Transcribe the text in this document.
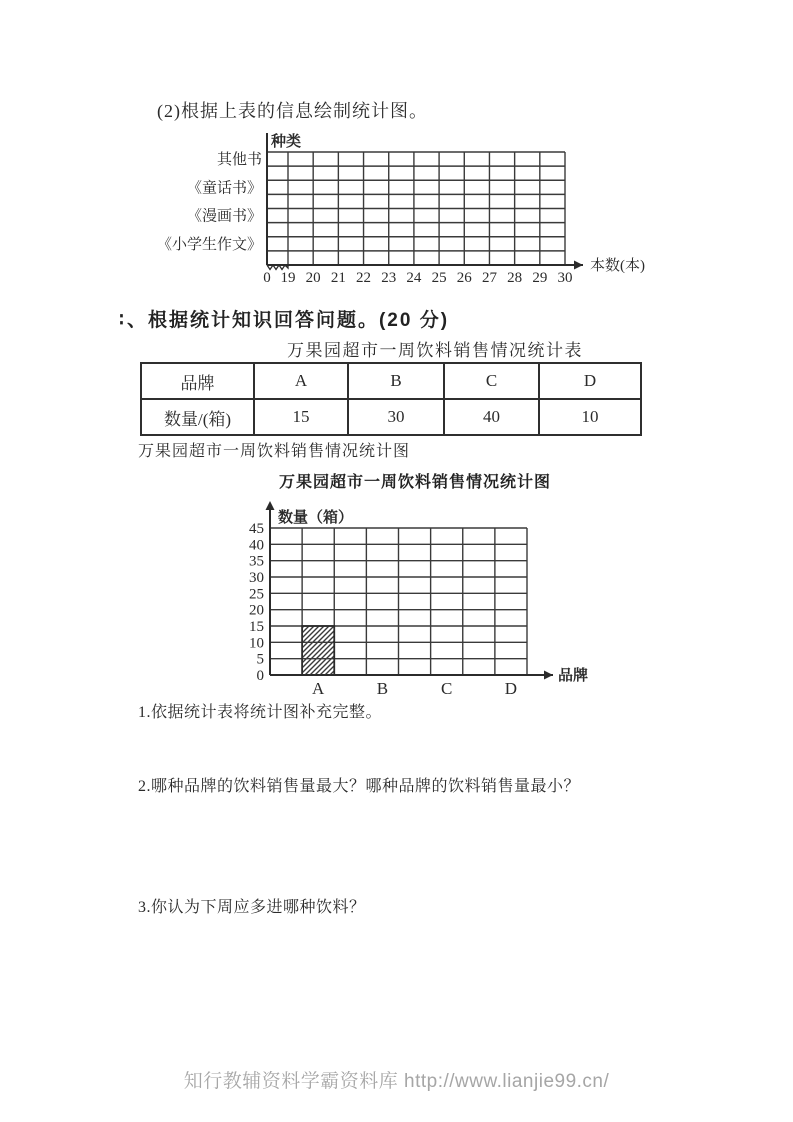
(2)根据上表的信息绘制统计图。
种类
本数(本)
其他书
《童话书》
《漫画书》
《小学生作文》
0 19 20 21 22 23 24 25 26 27 28 29 30
∶、根据统计知识回答问题。(20 分)
万果园超市一周饮料销售情况统计表
品牌	A	B	C	D
数量/(箱)	15	30	40	10
万果园超市一周饮料销售情况统计图
万果园超市一周饮料销售情况统计图
数量（箱）
品牌
45
40
35
30
25
20
15
10
5
0
A	B	C	D
1.依据统计表将统计图补充完整。
2.哪种品牌的饮料销售量最大？哪种品牌的饮料销售量最小？
3.你认为下周应多进哪种饮料？
知行教辅资料学霸资料库 http://www.lianjie99.cn/
